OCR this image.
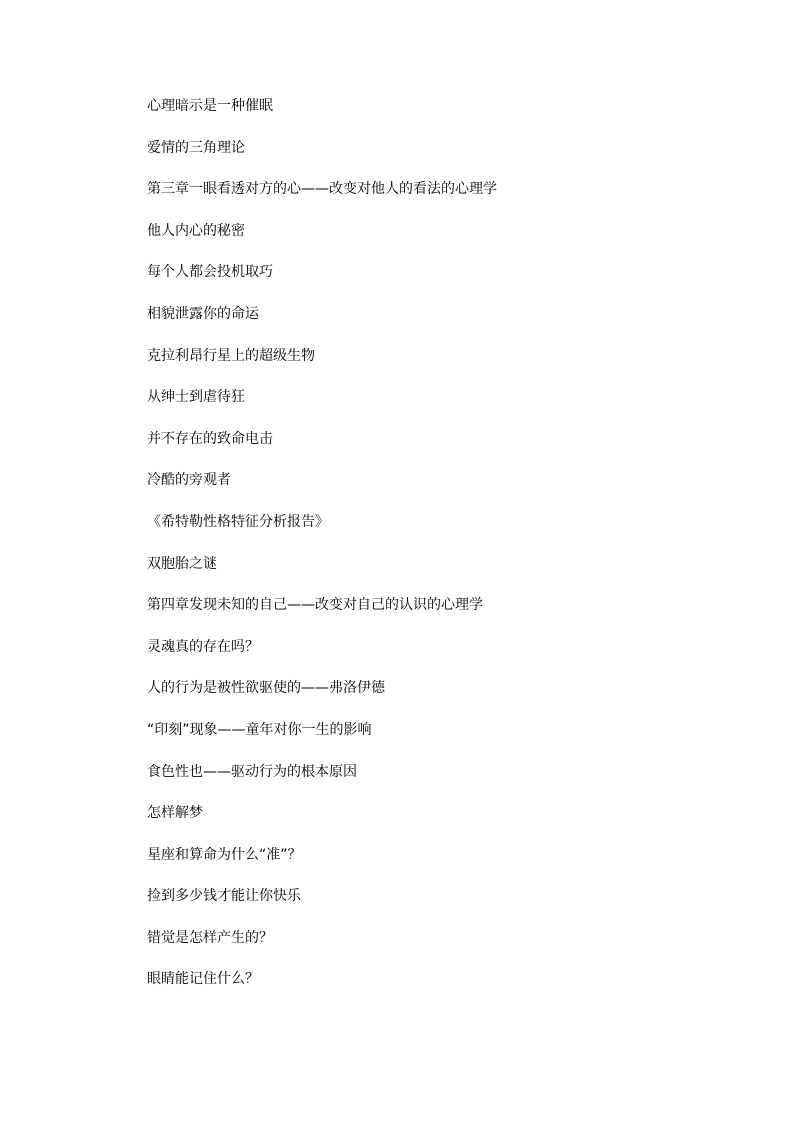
心理暗示是一种催眠
爱情的三角理论
第三章一眼看透对方的心——改变对他人的看法的心理学
他人内心的秘密
每个人都会投机取巧
相貌泄露你的命运
克拉利昂行星上的超级生物
从绅士到虐待狂
并不存在的致命电击
冷酷的旁观者
《希特勒性格特征分析报告》
双胞胎之谜
第四章发现未知的自己——改变对自己的认识的心理学
灵魂真的存在吗？
人的行为是被性欲驱使的——弗洛伊德
“印刻”现象——童年对你一生的影响
食色性也——驱动行为的根本原因
怎样解梦
星座和算命为什么“准”？
捡到多少钱才能让你快乐
错觉是怎样产生的？
眼睛能记住什么？
